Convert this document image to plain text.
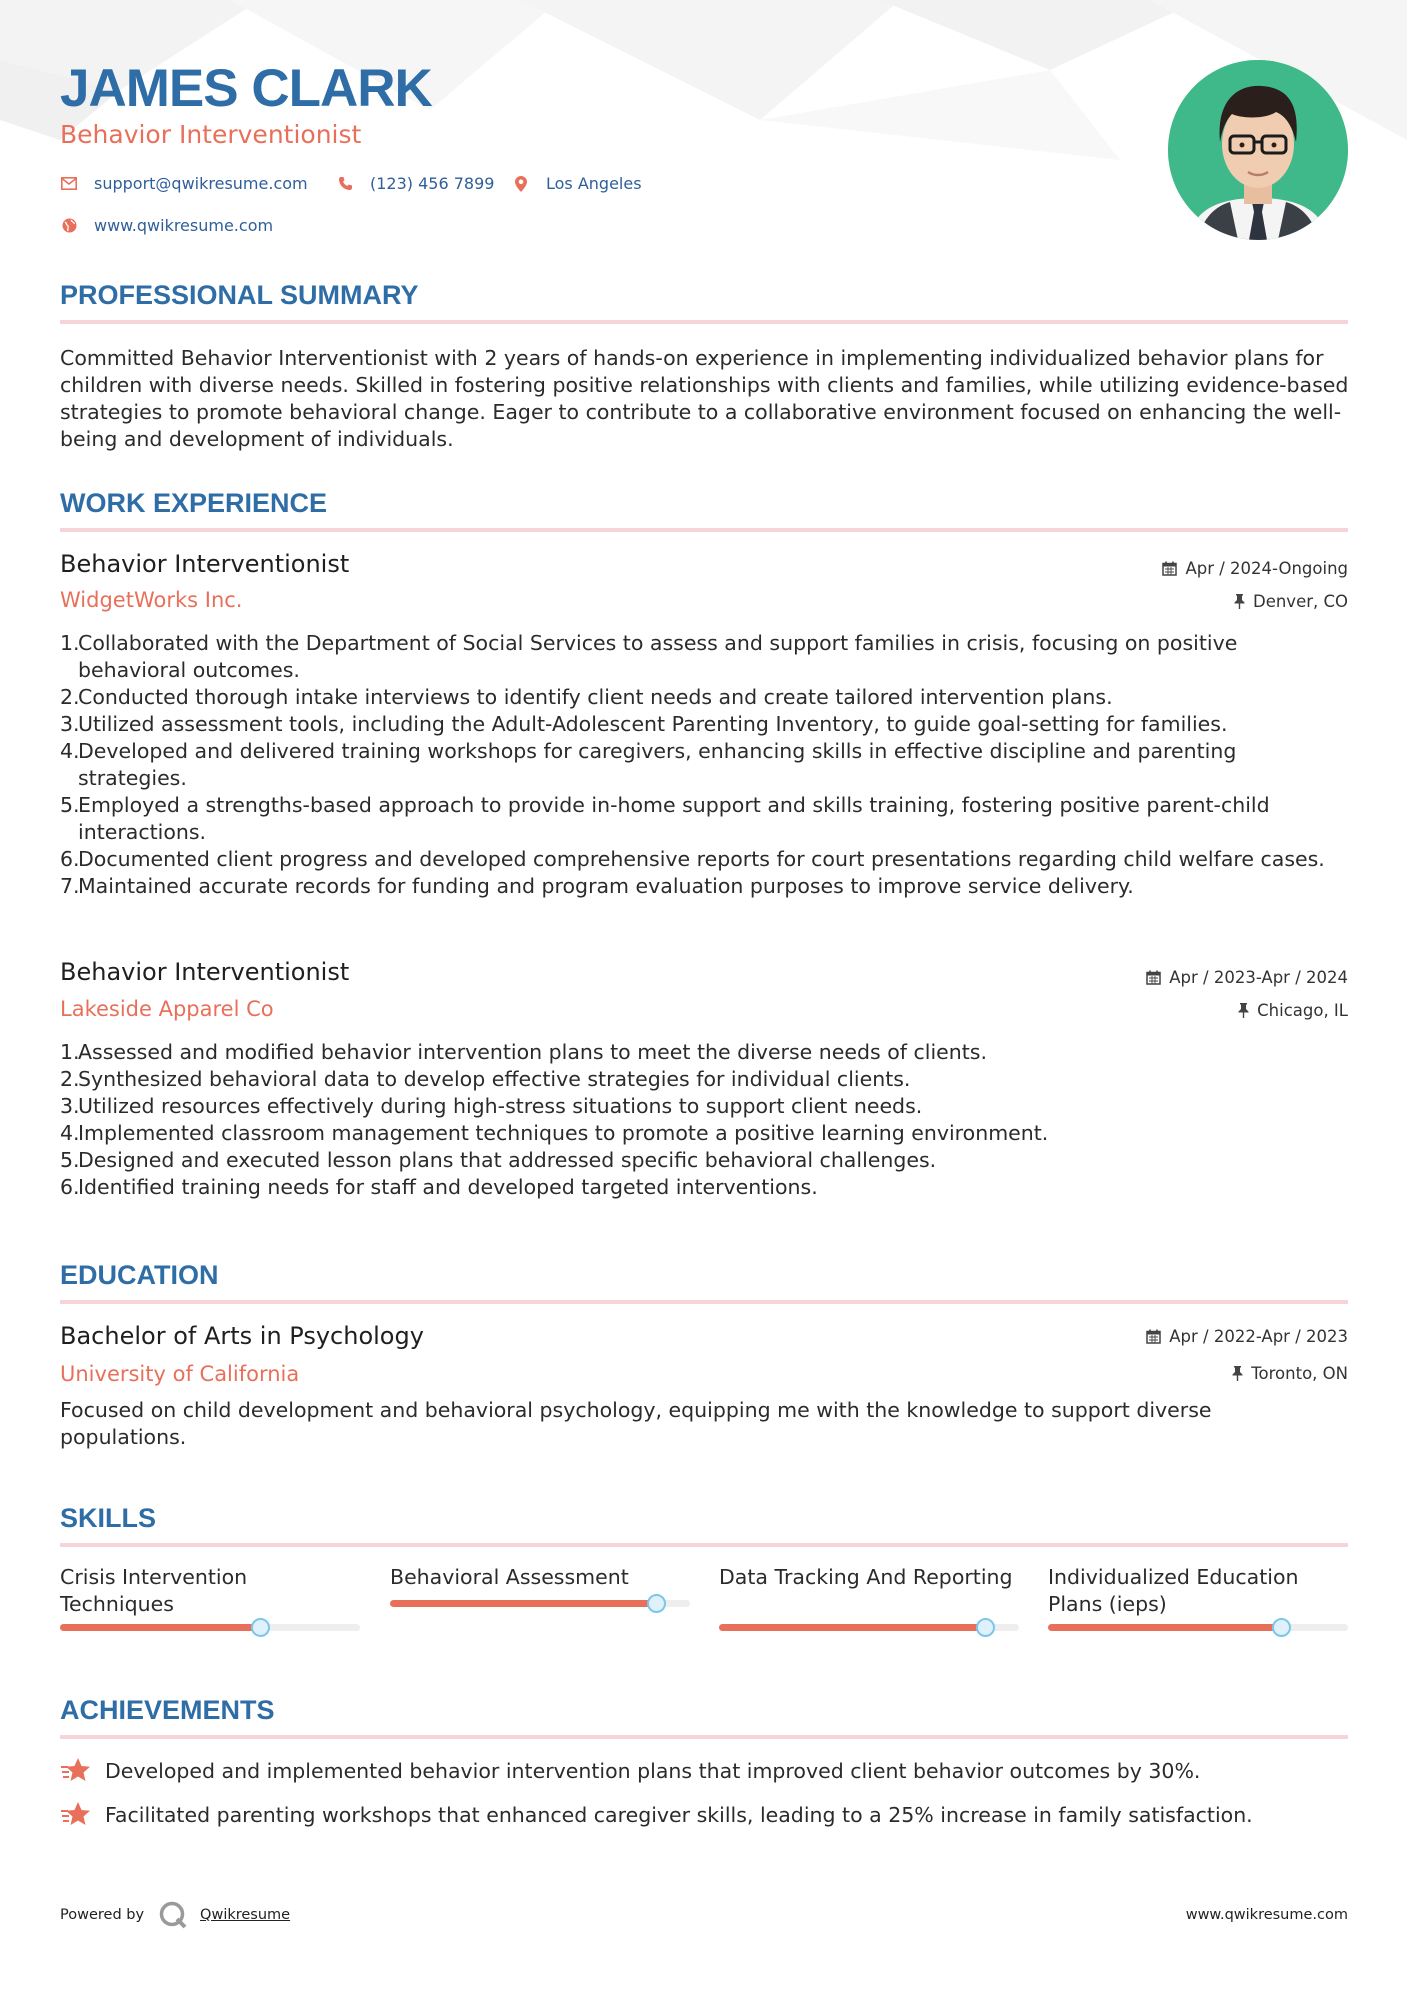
JAMES CLARK
Behavior Interventionist
support@qwikresume.com	(123) 456 7899	Los Angeles
www.qwikresume.com
PROFESSIONAL SUMMARY
Committed Behavior Interventionist with 2 years of hands-on experience in implementing individualized behavior plans for children with diverse needs. Skilled in fostering positive relationships with clients and families, while utilizing evidence-based strategies to promote behavioral change. Eager to contribute to a collaborative environment focused on enhancing the well-being and development of individuals.
WORK EXPERIENCE
Behavior Interventionist	Apr / 2024-Ongoing
WidgetWorks Inc.	Denver, CO
1.
Collaborated with the Department of Social Services to assess and support families in crisis, focusing on positive behavioral outcomes.
2.
Conducted thorough intake interviews to identify client needs and create tailored intervention plans.
3.
Utilized assessment tools, including the Adult-Adolescent Parenting Inventory, to guide goal-setting for families.
4.
Developed and delivered training workshops for caregivers, enhancing skills in effective discipline and parenting strategies.
5.
Employed a strengths-based approach to provide in-home support and skills training, fostering positive parent-child interactions.
6.
Documented client progress and developed comprehensive reports for court presentations regarding child welfare cases.
7.
Maintained accurate records for funding and program evaluation purposes to improve service delivery.
Behavior Interventionist	Apr / 2023-Apr / 2024
Lakeside Apparel Co	Chicago, IL
1.
Assessed and modified behavior intervention plans to meet the diverse needs of clients.
2.
Synthesized behavioral data to develop effective strategies for individual clients.
3.
Utilized resources effectively during high-stress situations to support client needs.
4.
Implemented classroom management techniques to promote a positive learning environment.
5.
Designed and executed lesson plans that addressed specific behavioral challenges.
6.
Identified training needs for staff and developed targeted interventions.
EDUCATION
Bachelor of Arts in Psychology	Apr / 2022-Apr / 2023
University of California	Toronto, ON
Focused on child development and behavioral psychology, equipping me with the knowledge to support diverse populations.
SKILLS
Crisis Intervention Techniques
Behavioral Assessment	Data Tracking And Reporting	Individualized Education Plans (ieps)
ACHIEVEMENTS
Developed and implemented behavior intervention plans that improved client behavior outcomes by 30%.
Facilitated parenting workshops that enhanced caregiver skills, leading to a 25% increase in family satisfaction.
Powered by	Qwikresume	www.qwikresume.com
